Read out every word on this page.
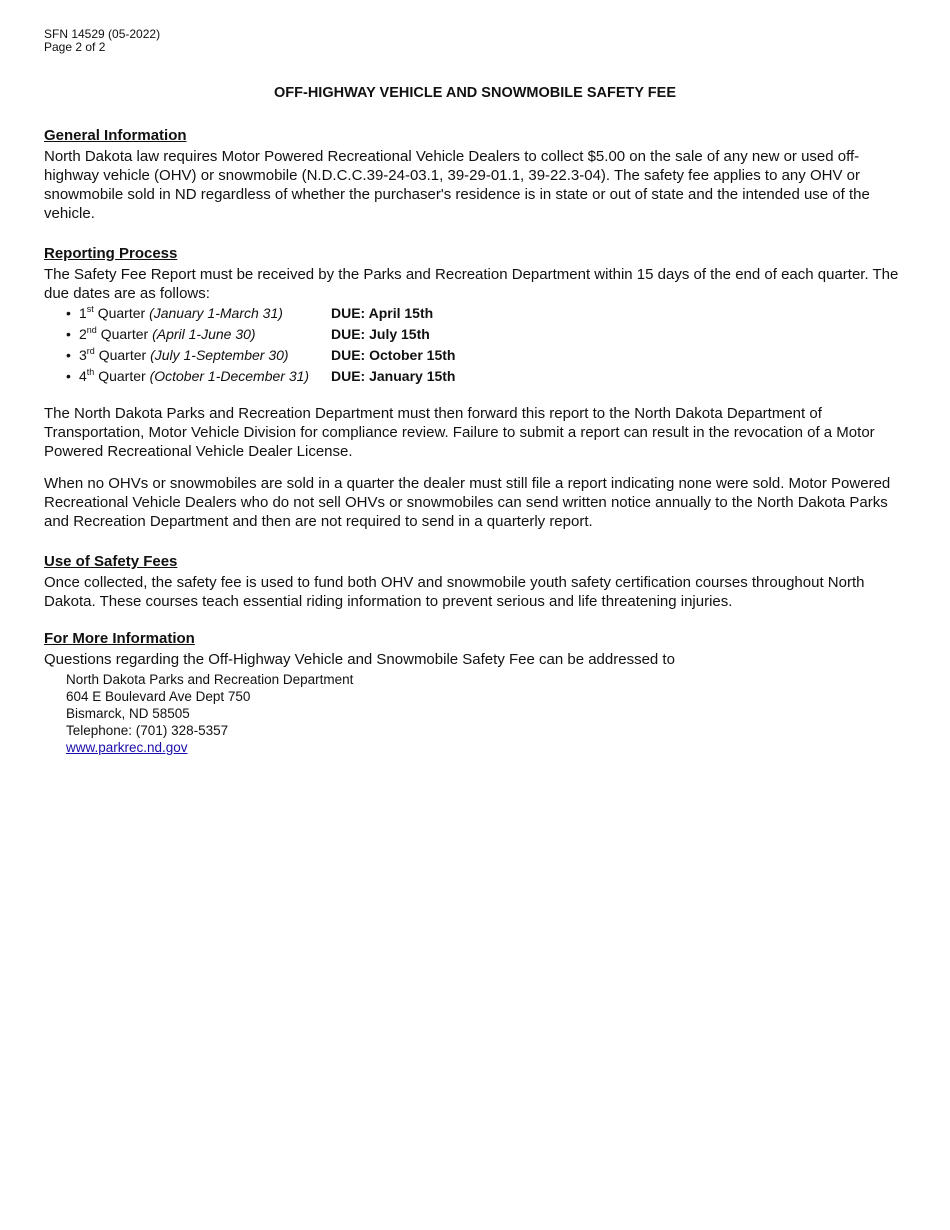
SFN 14529 (05-2022)
Page 2 of 2
OFF-HIGHWAY VEHICLE AND SNOWMOBILE SAFETY FEE

General Information

North Dakota law requires Motor Powered Recreational Vehicle Dealers to collect $5.00 on the sale of any new or used off-highway vehicle (OHV) or snowmobile (N.D.C.C.39-24-03.1, 39-29-01.1, 39-22.3-04). The safety fee applies to any OHV or snowmobile sold in ND regardless of whether the purchaser's residence is in state or out of state and the intended use of the vehicle.

Reporting Process

The Safety Fee Report must be received by the Parks and Recreation Department within 15 days of the end of each quarter. The due dates are as follows:

• 1st Quarter (January 1-March 31)	DUE: April 15th
• 2nd Quarter (April 1-June 30)	DUE: July 15th
• 3rd Quarter (July 1-September 30)	DUE: October 15th
• 4th Quarter (October 1-December 31) DUE: January 15th

The North Dakota Parks and Recreation Department must then forward this report to the North Dakota Department of Transportation, Motor Vehicle Division for compliance review. Failure to submit a report can result in the revocation of a Motor Powered Recreational Vehicle Dealer License.

When no OHVs or snowmobiles are sold in a quarter the dealer must still file a report indicating none were sold. Motor Powered Recreational Vehicle Dealers who do not sell OHVs or snowmobiles can send written notice annually to the North Dakota Parks and Recreation Department and then are not required to send in a quarterly report.

Use of Safety Fees

Once collected, the safety fee is used to fund both OHV and snowmobile youth safety certification courses throughout North Dakota. These courses teach essential riding information to prevent serious and life threatening injuries.

For More Information

Questions regarding the Off-Highway Vehicle and Snowmobile Safety Fee can be addressed to

North Dakota Parks and Recreation Department
604 E Boulevard Ave Dept 750
Bismarck, ND 58505
Telephone: (701) 328-5357
www.parkrec.nd.gov
